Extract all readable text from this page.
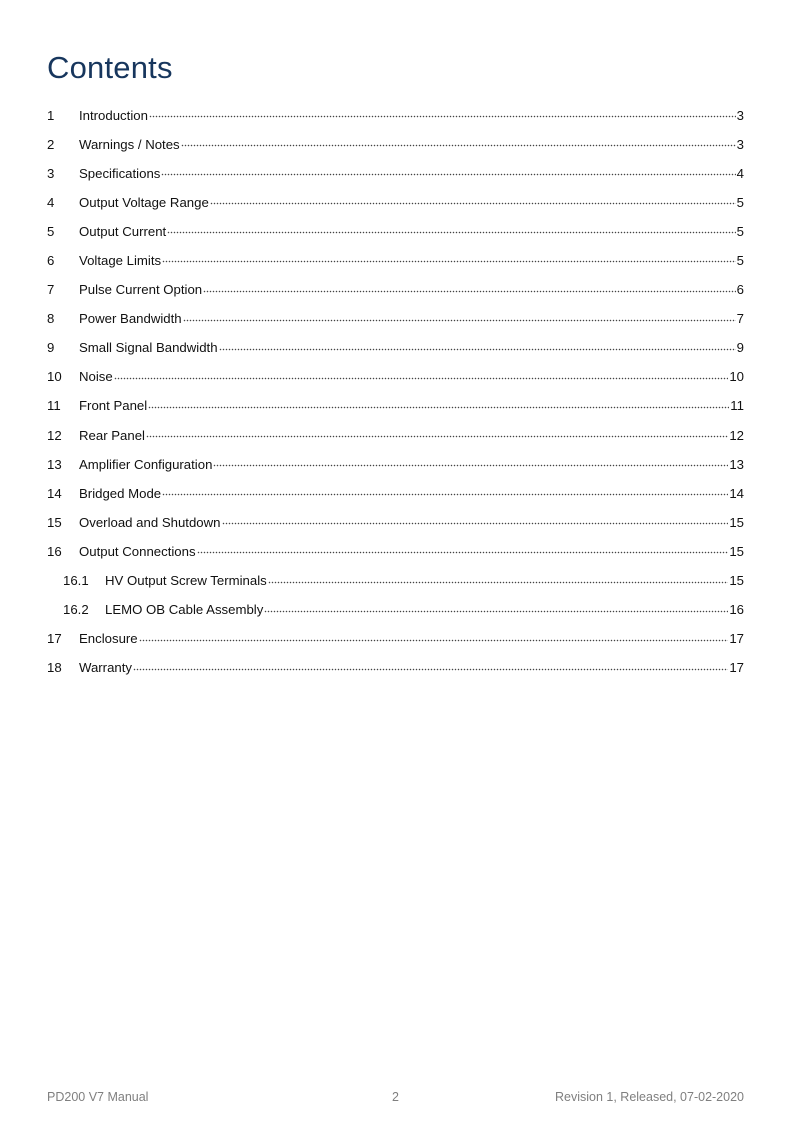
Contents
1	Introduction	3
2	Warnings / Notes	3
3	Specifications	4
4	Output Voltage Range	5
5	Output Current	5
6	Voltage Limits	5
7	Pulse Current Option	6
8	Power Bandwidth	7
9	Small Signal Bandwidth	9
10	Noise	10
11	Front Panel	11
12	Rear Panel	12
13	Amplifier Configuration	13
14	Bridged Mode	14
15	Overload and Shutdown	15
16	Output Connections	15
16.1	HV Output Screw Terminals	15
16.2	LEMO OB Cable Assembly	16
17	Enclosure	17
18	Warranty	17
2
PD200 V7 Manual	Revision 1, Released, 07-02-2020
